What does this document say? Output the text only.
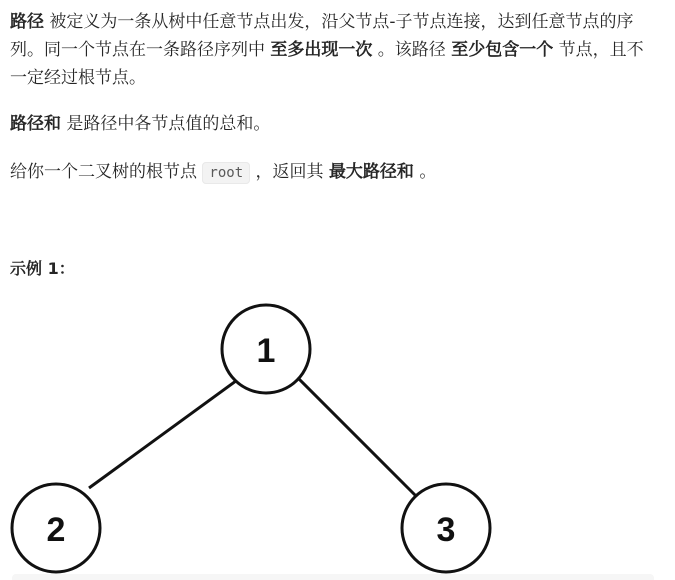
路径 被定义为一条从树中任意节点出发，沿父节点-子节点连接，达到任意节点的序列。同一个节点在一条路径序列中 至多出现一次 。该路径 至少包含一个 节点，且不一定经过根节点。

路径和 是路径中各节点值的总和。

给你一个二叉树的根节点 root ，返回其 最大路径和 。

示例 1：
1
2	3
